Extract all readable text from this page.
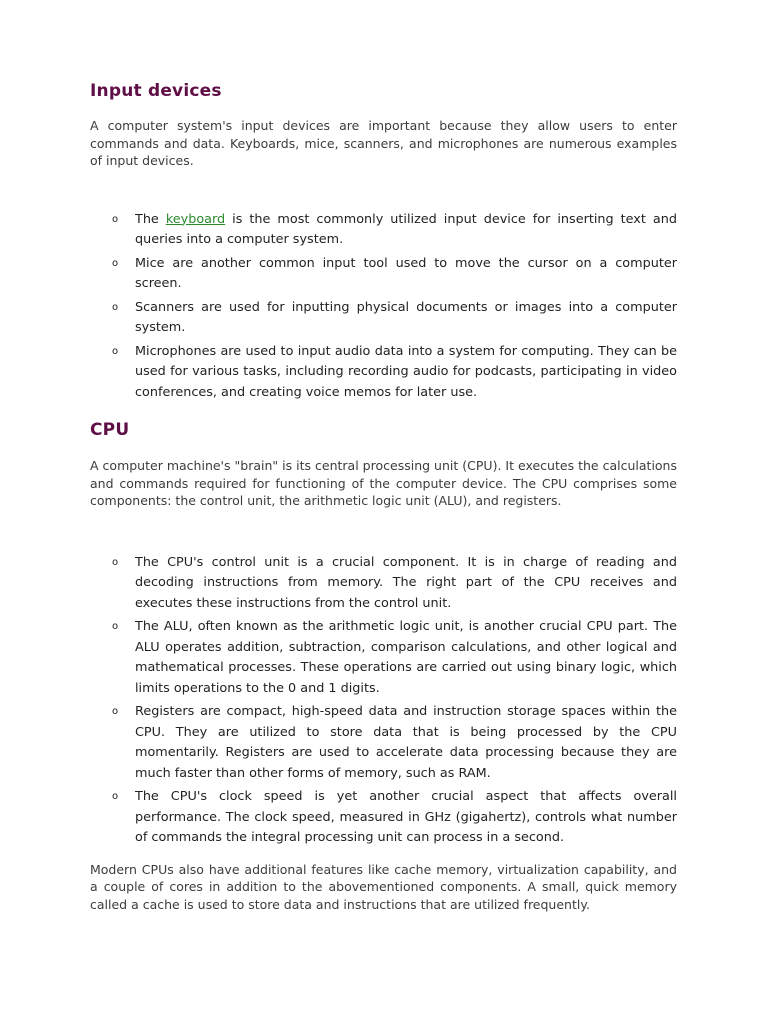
Input devices

A computer system's input devices are important because they allow users to enter commands and data. Keyboards, mice, scanners, and microphones are numerous examples of input devices.

o The keyboard is the most commonly utilized input device for inserting text and queries into a computer system.
o Mice are another common input tool used to move the cursor on a computer screen.
o Scanners are used for inputting physical documents or images into a computer system.
o Microphones are used to input audio data into a system for computing. They can be used for various tasks, including recording audio for podcasts, participating in video conferences, and creating voice memos for later use.
CPU

A computer machine's "brain" is its central processing unit (CPU). It executes the calculations and commands required for functioning of the computer device. The CPU comprises some components: the control unit, the arithmetic logic unit (ALU), and registers.

o The CPU's control unit is a crucial component. It is in charge of reading and decoding instructions from memory. The right part of the CPU receives and executes these instructions from the control unit.
o The ALU, often known as the arithmetic logic unit, is another crucial CPU part. The ALU operates addition, subtraction, comparison calculations, and other logical and mathematical processes. These operations are carried out using binary logic, which limits operations to the 0 and 1 digits.
o Registers are compact, high-speed data and instruction storage spaces within the CPU. They are utilized to store data that is being processed by the CPU momentarily. Registers are used to accelerate data processing because they are much faster than other forms of memory, such as RAM.
o The CPU's clock speed is yet another crucial aspect that affects overall performance. The clock speed, measured in GHz (gigahertz), controls what number of commands the integral processing unit can process in a second.

Modern CPUs also have additional features like cache memory, virtualization capability, and a couple of cores in addition to the abovementioned components. A small, quick memory called a cache is used to store data and instructions that are utilized frequently.
